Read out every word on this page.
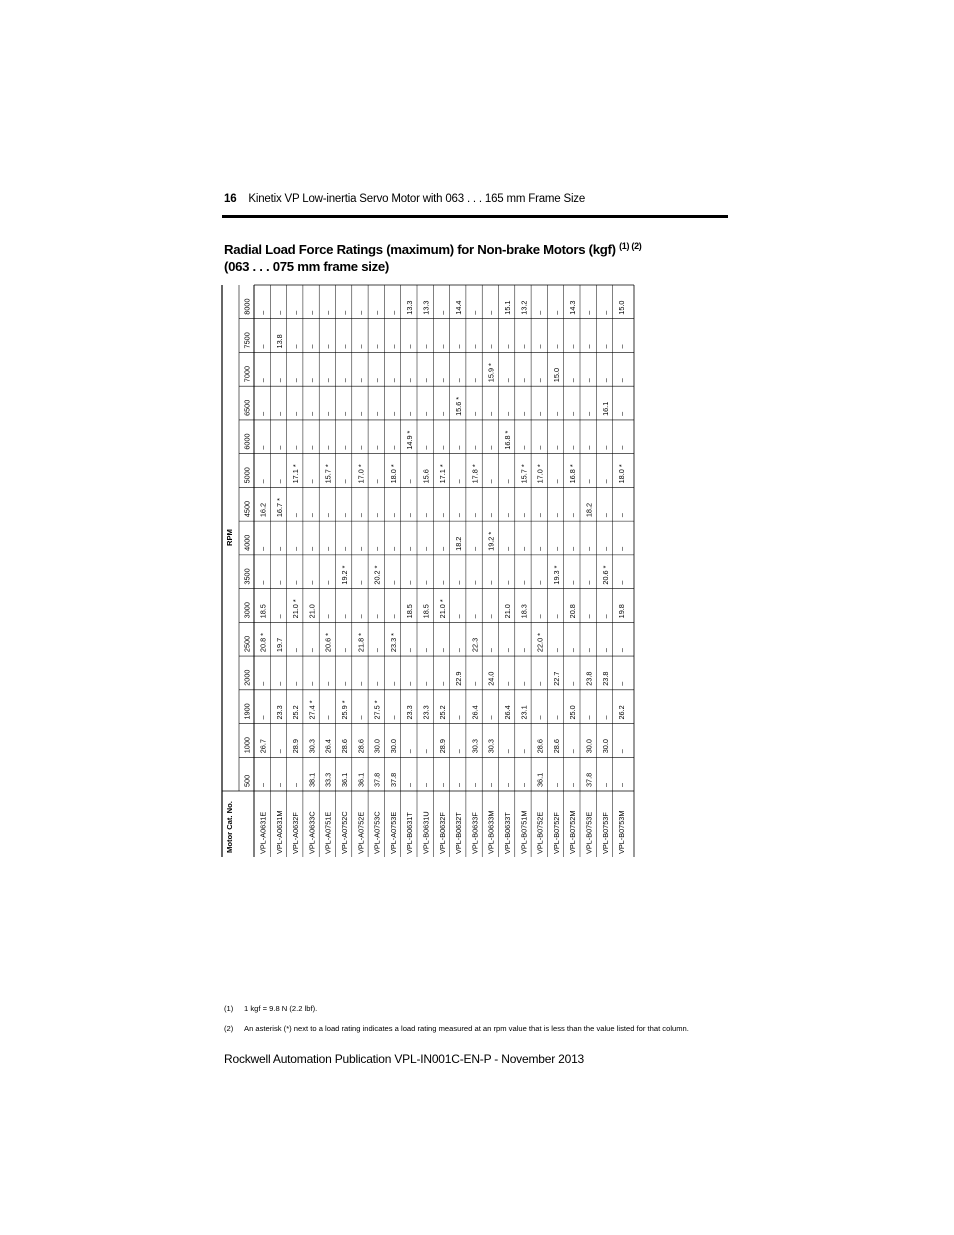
16 Kinetix VP Low-inertia Servo Motor with 063 . . . 165 mm Frame Size
Radial Load Force Ratings (maximum) for Non-brake Motors (kgf) $^{(1) (2)}$
(063 . . . 075 mm frame size)
Motor Cat. No.
RPM
500
1000
1900
2000
2500
3000
3500
4000
4500
5000
6000
6500
7000
7500
8000
VPL-A0631E
–
26.7
–
–
20.8 *
18.5
–
–
16.2
–
–
–
–
–
–
VPL-A0631M
–
–
23.3
–
19.7
–
–
–
16.7 *
–
–
–
–
13.8
–
VPL-A0632F
–
28.9
25.2
–
–
21.0 *
–
–
–
17.1 *
–
–
–
–
–
VPL-A0633C
38.1
30.3
27.4 *
–
–
21.0
–
–
–
–
–
–
–
–
–
VPL-A0751E
33.3
26.4
–
–
20.6 *
–
–
–
–
15.7 *
–
–
–
–
–
VPL-A0752C
36.1
28.6
25.9 *
–
–
–
19.2 *
–
–
–
–
–
–
–
–
VPL-A0752E
36.1
28.6
–
–
21.8 *
–
–
–
–
17.0 *
–
–
–
–
–
VPL-A0753C
37.8
30.0
27.5 *
–
–
–
20.2 *
–
–
–
–
–
–
–
–
VPL-A0753E
37.8
30.0
–
–
23.3 *
–
–
–
–
18.0 *
–
–
–
–
–
VPL-B0631T
–
–
23.3
–
–
18.5
–
–
–
–
14.9 *
–
–
–
13.3
VPL-B0631U
–
–
23.3
–
–
18.5
–
–
–
15.6
–
–
–
–
13.3
VPL-B0632F
–
28.9
25.2
–
–
21.0 *
–
–
–
17.1 *
–
–
–
–
–
VPL-B0632T
–
–
–
22.9
–
–
–
18.2
–
–
–
15.6 *
–
–
14.4
VPL-B0633F
–
30.3
26.4
–
22.3
–
–
–
–
17.8 *
–
–
–
–
–
VPL-B0633M
–
30.3
–
24.0
–
–
–
19.2 *
–
–
–
–
15.9 *
–
–
VPL-B0633T
–
–
26.4
–
–
21.0
–
–
–
–
16.8 *
–
–
–
15.1
VPL-B0751M
–
–
23.1
–
–
18.3
–
–
–
15.7 *
–
–
–
–
13.2
VPL-B0752E
36.1
28.6
–
–
22.0 *
–
–
–
–
17.0 *
–
–
–
–
–
VPL-B0752F
–
28.6
–
22.7
–
–
19.3 *
–
–
–
–
–
15.0
–
–
VPL-B0752M
–
–
25.0
–
–
20.8
–
–
–
16.8 *
–
–
–
–
14.3
VPL-B0753E
37.8
30.0
–
23.8
–
–
–
–
18.2
–
–
–
–
–
–
VPL-B0753F
–
30.0
–
23.8
–
–
20.6 *
–
–
–
–
16.1
–
–
–
VPL-B0753M
–
–
26.2
–
–
19.8
–
–
–
18.0 *
–
–
–
–
15.0
(1) 1 kgf = 9.8 N (2.2 lbf).
(2) An asterisk (*) next to a load rating indicates a load rating measured at an rpm value that is less than the value listed for that column.
Rockwell Automation Publication VPL-IN001C-EN-P - November 2013
